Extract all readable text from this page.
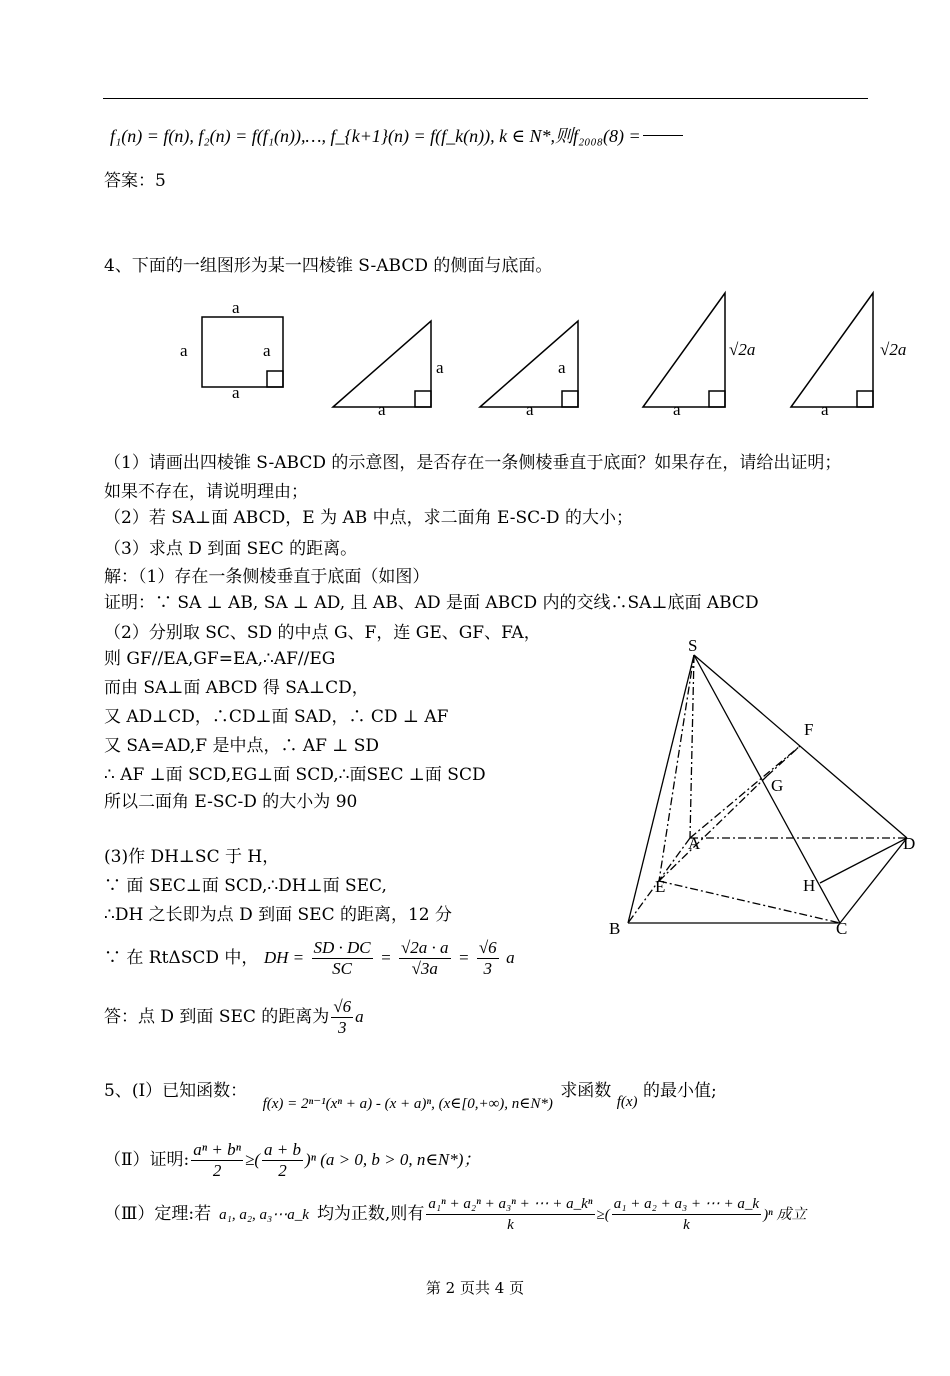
f₁(n) = f(n), f₂(n) = f(f₁(n)),…, f_{k+1}(n) = f(f_k(n)), k ∈ N*,则f₂₀₀₈(8) =
答案：5
4、下面的一组图形为某一四棱锥 S-ABCD 的侧面与底面。
a
a	a
a
a
a
a
a	a	a
√2a	√2a
（1）请画出四棱锥 S-ABCD 的示意图，是否存在一条侧棱垂直于底面？如果存在，请给出证明；
如果不存在，请说明理由；
（2）若 SA⊥面 ABCD，E 为 AB 中点，求二面角 E-SC-D 的大小；
（3）求点 D 到面 SEC 的距离。
解：（1）存在一条侧棱垂直于底面（如图）
证明：∵ SA ⊥ AB, SA ⊥ AD, 且 AB、AD 是面 ABCD 内的交线∴SA⊥底面 ABCD
（2）分别取 SC、SD 的中点 G、F，连 GE、GF、FA，
则 GF//EA,GF=EA,∴AF//EG
而由 SA⊥面 ABCD 得 SA⊥CD，
又 AD⊥CD，∴CD⊥面 SAD，∴ CD ⊥ AF
又 SA=AD,F 是中点，∴ AF ⊥ SD
∴ AF ⊥面 SCD,EG⊥面 SCD,∴面SEC ⊥面 SCD
所以二面角 E-SC-D 的大小为 90
(3)作 DH⊥SC 于 H，
∵ 面 SEC⊥面 SCD,∴DH⊥面 SEC,
∴DH 之长即为点 D 到面 SEC 的距离，12 分
∵ 在 RtΔSCD 中， DH = $\frac{SD \cdot DC}{SC} = \frac{√2a \cdot a}{√3a} = \frac{√6}{3}$ a
答：点 D 到面 SEC 的距离为 $\frac{√6}{3}$ a
S
F
G
A	D
E	H
B	C
5、(Ⅰ）已知函数： f(x) = 2ⁿ⁻¹(xⁿ + a) - (x + a)ⁿ, (x∈[0,+∞), n∈N*) 求函数 f(x) 的最小值;
（Ⅱ）证明: $\frac{\text{aⁿ + bⁿ}}{2}$ ≥( $\frac{a + b}{2} )^n$ (a > 0, b > 0, n∈N*)；
（Ⅲ）定理:若 a₁, a₂, a₃⋯a_k 均为正数,则有 $\frac{\text{a₁ⁿ + a₂ⁿ + a₃ⁿ + ⋯ + a\_kⁿ}}{k}$ ≥( $\frac{\text{a₁ + a₂ + a₃ + ⋯ + a\_k}}{k} )^n$ 成立
第 2 页共 4 页
